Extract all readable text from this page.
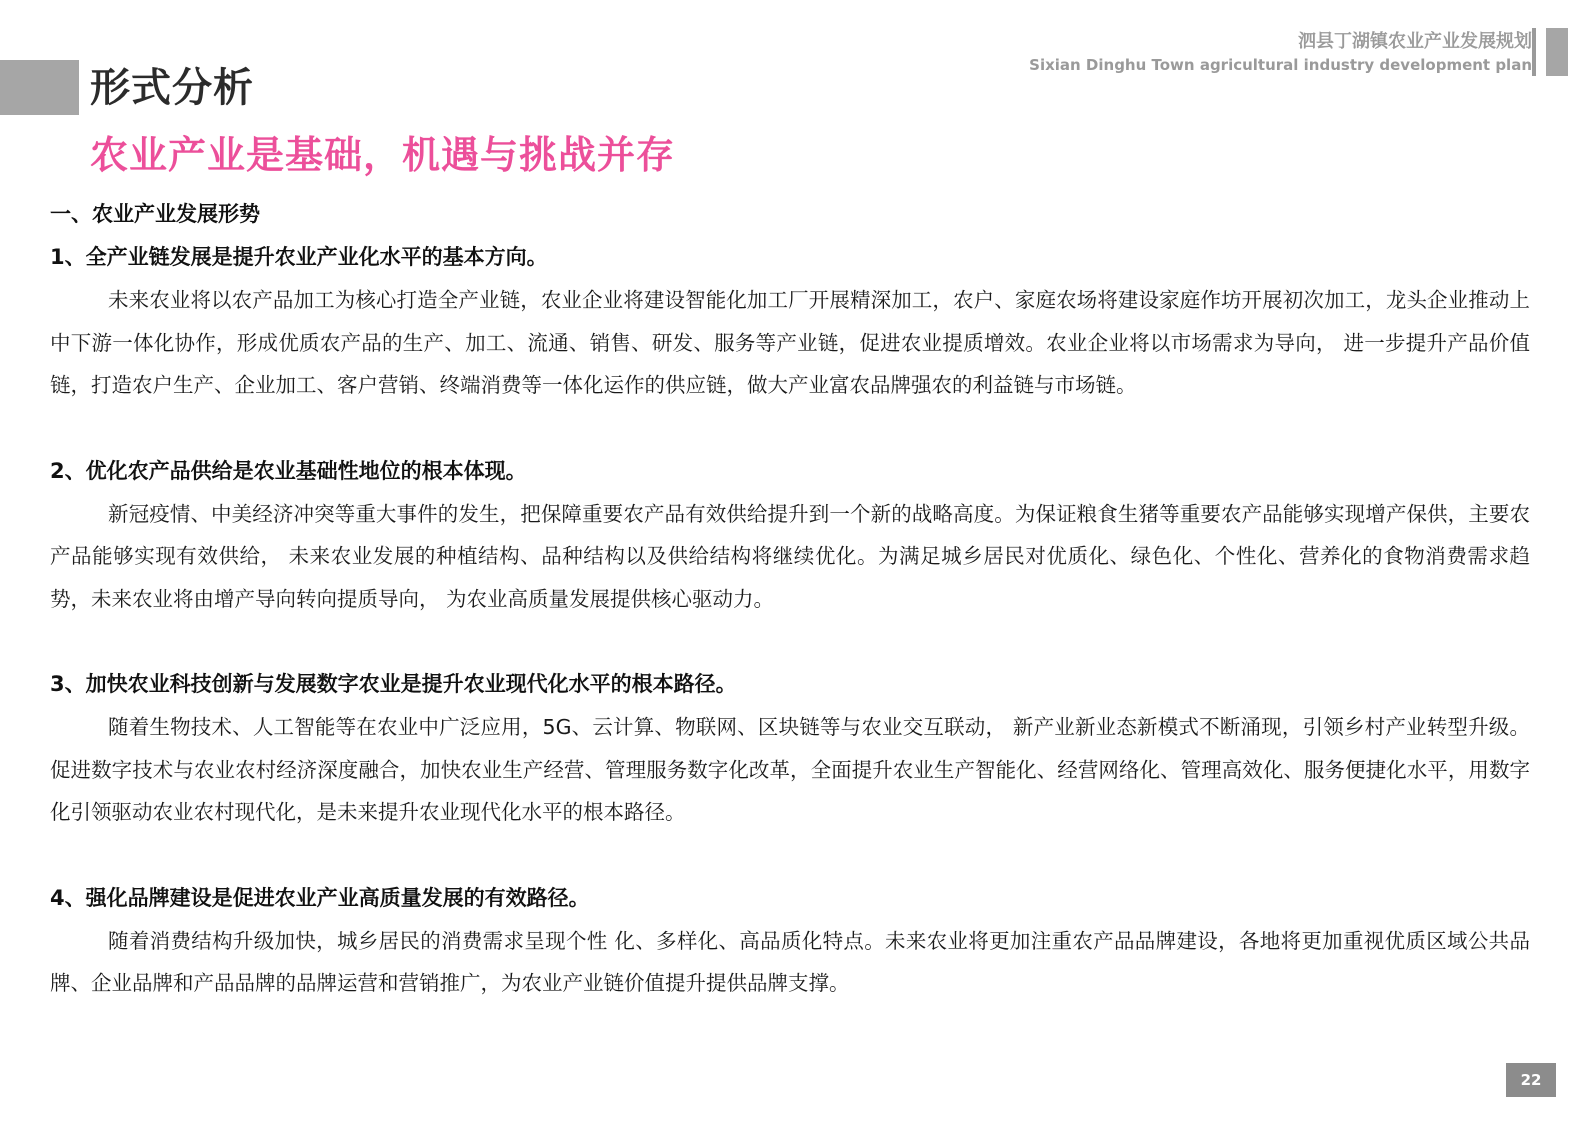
形式分析
泗县丁湖镇农业产业发展规划
Sixian Dinghu Town agricultural industry development plan
农业产业是基础，机遇与挑战并存
一、农业产业发展形势
1、全产业链发展是提升农业产业化水平的基本方向。

未来农业将以农产品加工为核心打造全产业链，农业企业将建设智能化加工厂开展精深加工，农户、家庭农场将建设家庭作坊开展初次加工，龙头企业推动上中下游一体化协作，形成优质农产品的生产、加工、流通、销售、研发、服务等产业链，促进农业提质增效。农业企业将以市场需求为导向， 进一步提升产品价值链，打造农户生产、企业加工、客户营销、终端消费等一体化运作的供应链，做大产业富农品牌强农的利益链与市场链。

2、优化农产品供给是农业基础性地位的根本体现。

新冠疫情、中美经济冲突等重大事件的发生，把保障重要农产品有效供给提升到一个新的战略高度。为保证粮食生猪等重要农产品能够实现增产保供，主要农产品能够实现有效供给， 未来农业发展的种植结构、品种结构以及供给结构将继续优化。为满足城乡居民对优质化、绿色化、个性化、营养化的食物消费需求趋势，未来农业将由增产导向转向提质导向， 为农业高质量发展提供核心驱动力。

3、加快农业科技创新与发展数字农业是提升农业现代化水平的根本路径。

随着生物技术、人工智能等在农业中广泛应用，5G、云计算、物联网、区块链等与农业交互联动， 新产业新业态新模式不断涌现，引领乡村产业转型升级。促进数字技术与农业农村经济深度融合，加快农业生产经营、管理服务数字化改革，全面提升农业生产智能化、经营网络化、管理高效化、服务便捷化水平，用数字化引领驱动农业农村现代化，是未来提升农业现代化水平的根本路径。

4、强化品牌建设是促进农业产业高质量发展的有效路径。

随着消费结构升级加快，城乡居民的消费需求呈现个性 化、多样化、高品质化特点。未来农业将更加注重农产品品牌建设，各地将更加重视优质区域公共品牌、企业品牌和产品品牌的品牌运营和营销推广，为农业产业链价值提升提供品牌支撑。

22
